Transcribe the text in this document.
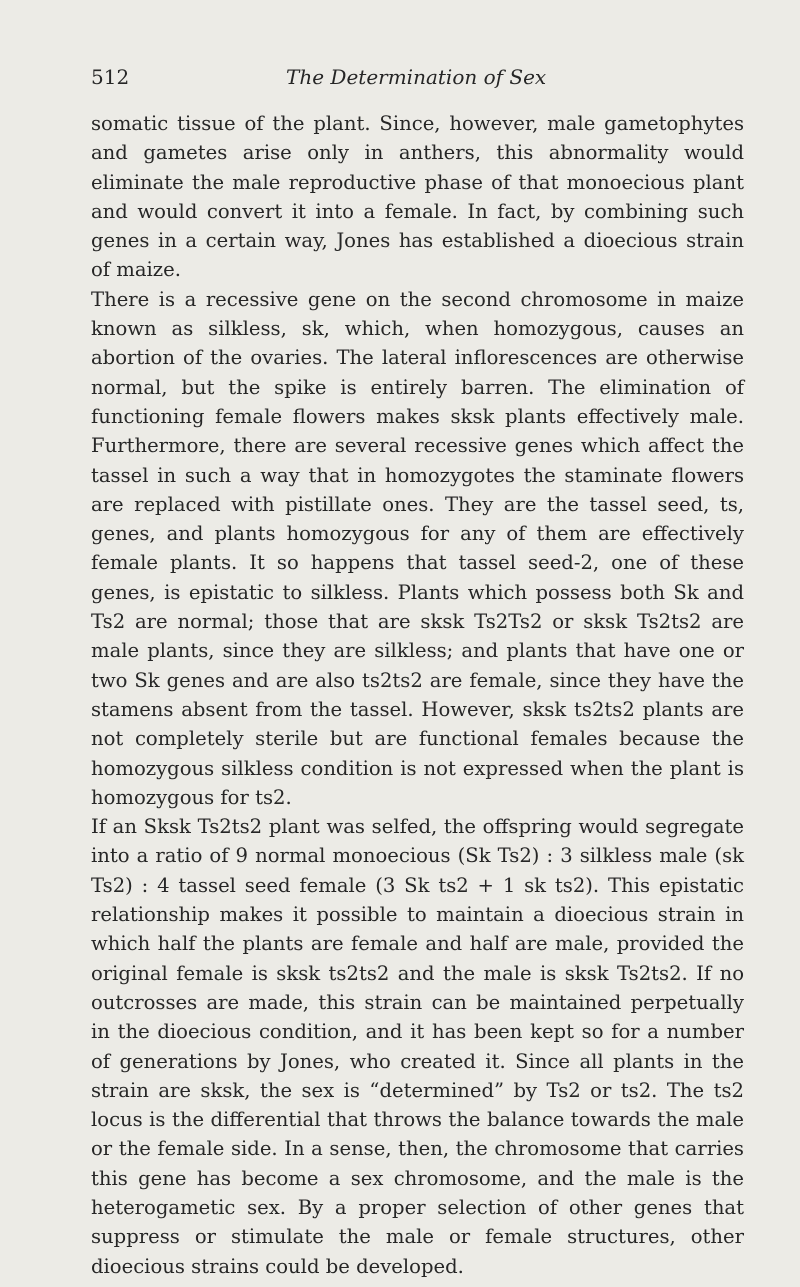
512	The Determination of Sex

somatic tissue of the plant. Since, however, male gametophytes and gametes arise only in anthers, this abnormality would eliminate the male reproductive phase of that monoecious plant and would convert it into a female. In fact, by combining such genes in a certain way, Jones has established a dioecious strain of maize.

There is a recessive gene on the second chromosome in maize known as silkless, sk, which, when homozygous, causes an abortion of the ovaries. The lateral inflorescences are otherwise normal, but the spike is entirely barren. The elimination of functioning female flowers makes sksk plants effectively male. Furthermore, there are several recessive genes which affect the tassel in such a way that in homozygotes the staminate flowers are replaced with pistillate ones. They are the tassel seed, ts, genes, and plants homozygous for any of them are effectively female plants. It so happens that tassel seed-2, one of these genes, is epistatic to silkless. Plants which possess both Sk and Ts2 are normal; those that are sksk Ts2Ts2 or sksk Ts2ts2 are male plants, since they are silkless; and plants that have one or two Sk genes and are also ts2ts2 are female, since they have the stamens absent from the tassel. However, sksk ts2ts2 plants are not completely sterile but are functional females because the homozygous silkless condition is not expressed when the plant is homozygous for ts2.

If an Sksk Ts2ts2 plant was selfed, the offspring would segregate into a ratio of 9 normal monoecious (Sk Ts2) : 3 silkless male (sk Ts2) : 4 tassel seed female (3 Sk ts2 + 1 sk ts2). This epistatic relationship makes it possible to maintain a dioecious strain in which half the plants are female and half are male, provided the original female is sksk ts2ts2 and the male is sksk Ts2ts2. If no outcrosses are made, this strain can be maintained perpetually in the dioecious condition, and it has been kept so for a number of generations by Jones, who created it. Since all plants in the strain are sksk, the sex is “determined” by Ts2 or ts2. The ts2 locus is the differential that throws the balance towards the male or the female side. In a sense, then, the chromosome that carries this gene has become a sex chromosome, and the male is the heterogametic sex. By a proper selection of other genes that suppress or stimulate the male or female structures, other dioecious strains could be developed.
